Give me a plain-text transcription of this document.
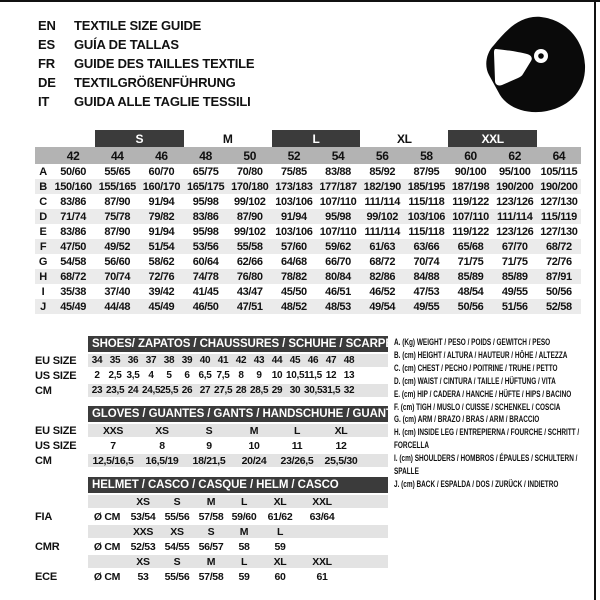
EN	TEXTILE SIZE GUIDE
ES	GUÍA DE TALLAS
FR	GUIDE DES TAILLES TEXTILE
DE	TEXTILGRÖßENFÜHRUNG
IT	GUIDA ALLE TAGLIE TESSILI
		S		M		L		XL		XXL		
	42	44	46	48	50	52	54	56	58	60	62	64
A	50/60	55/65	60/70	65/75	70/80	75/85	83/88	85/92	87/95	90/100	95/100	105/115
B	150/160	155/165	160/170	165/175	170/180	173/183	177/187	182/190	185/195	187/198	190/200	190/200
C	83/86	87/90	91/94	95/98	99/102	103/106	107/110	111/114	115/118	119/122	123/126	127/130
D	71/74	75/78	79/82	83/86	87/90	91/94	95/98	99/102	103/106	107/110	111/114	115/119
E	83/86	87/90	91/94	95/98	99/102	103/106	107/110	111/114	115/118	119/122	123/126	127/130
F	47/50	49/52	51/54	53/56	55/58	57/60	59/62	61/63	63/66	65/68	67/70	68/72
G	54/58	56/60	58/62	60/64	62/66	64/68	66/70	68/72	70/74	71/75	71/75	72/76
H	68/72	70/74	72/76	74/78	76/80	78/82	80/84	82/86	84/88	85/89	85/89	87/91
I	35/38	37/40	39/42	41/45	43/47	45/50	46/51	46/52	47/53	48/54	49/55	50/56
J	45/49	44/48	45/49	46/50	47/51	48/52	48/53	49/54	49/55	50/56	51/56	52/58
	SHOES/ ZAPATOS / CHAUSSURES / SCHUHE / SCARPE															
EU SIZE	34	35	36	37	38	39	40	41	42	43	44	45	46	47	48	
US SIZE	2	2,5	3,5	4	5	6	6,5	7,5	8	9	10	10,5	11,5	12	13	
CM	23	23,5	24	24,5	25,5	26	27	27,5	28	28,5	29	30	30,5	31,5	32	
	GLOVES / GUANTES / GANTS / HANDSCHUHE / GUANTI						
EU SIZE	XXS	XS	S	M	L	XL	
US SIZE	7	8	9	10	11	12	
CM	12,5/16,5	16,5/19	18/21,5	20/24	23/26,5	25,5/30	
	HELMET / CASCO / CASQUE / HELM / CASCO							
		XS	S	M	L	XL	XXL	
FIA	Ø CM	53/54	55/56	57/58	59/60	61/62	63/64	
		XXS	XS	S	M	L		
CMR	Ø CM	52/53	54/55	56/57	58	59		
		XS	S	M	L	XL	XXL	
ECE	Ø CM	53	55/56	57/58	59	60	61	
A. (Kg) WEIGHT / PESO / POIDS / GEWITCH / PESO
B. (cm) HEIGHT / ALTURA / HAUTEUR / HÖHE / ALTEZZA
C. (cm) CHEST / PECHO / POITRINE / TRUHE / PETTO
D. (cm) WAIST / CINTURA / TAILLE / HÜFTUNG / VITA
E. (cm) HIP / CADERA / HANCHE / HÜFTE / HIPS / BACINO
F. (cm) TIGH / MUSLO / CUISSE / SCHENKEL / COSCIA
G. (cm) ARM / BRAZO / BRAS / ARM / BRACCIO
H. (cm) INSIDE LEG / ENTREPIERNA / FOURCHE / SCHRITT / FORCELLA
I. (cm) SHOULDERS / HOMBROS / ÉPAULES / SCHULTERN / SPALLE
J. (cm) BACK / ESPALDA / DOS / ZURÜCK / INDIETRO
